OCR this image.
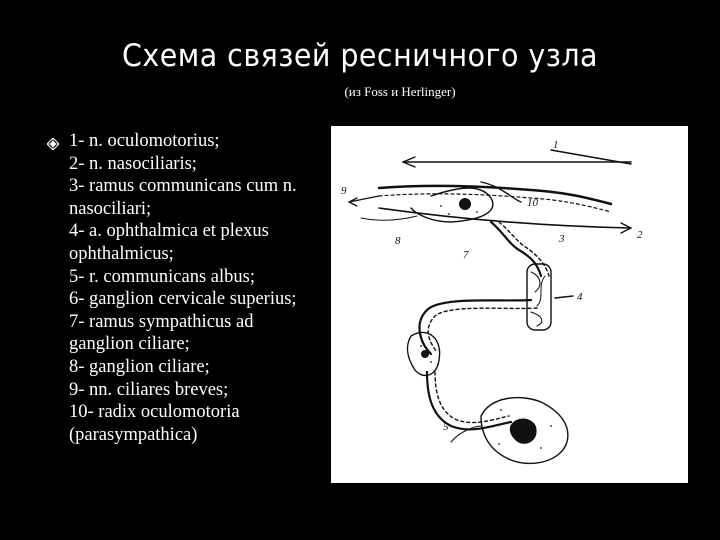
Схема связей ресничного узла
(из Foss и Herlinger)
1- n. oculomotorius;
2- n. nasociliaris;
3- ramus communicans cum n.
nasociliari;
4- a. ophthalmica et plexus
ophthalmicus;
5- r. communicans albus;
6- ganglion cervicale superius;
7- ramus sympathicus ad
ganglion ciliare;
8- ganglion ciliare;
9- nn. ciliares breves;
10- radix oculomotoria
(parasympathica)
1
2
3
4
5
7
8
9
10
